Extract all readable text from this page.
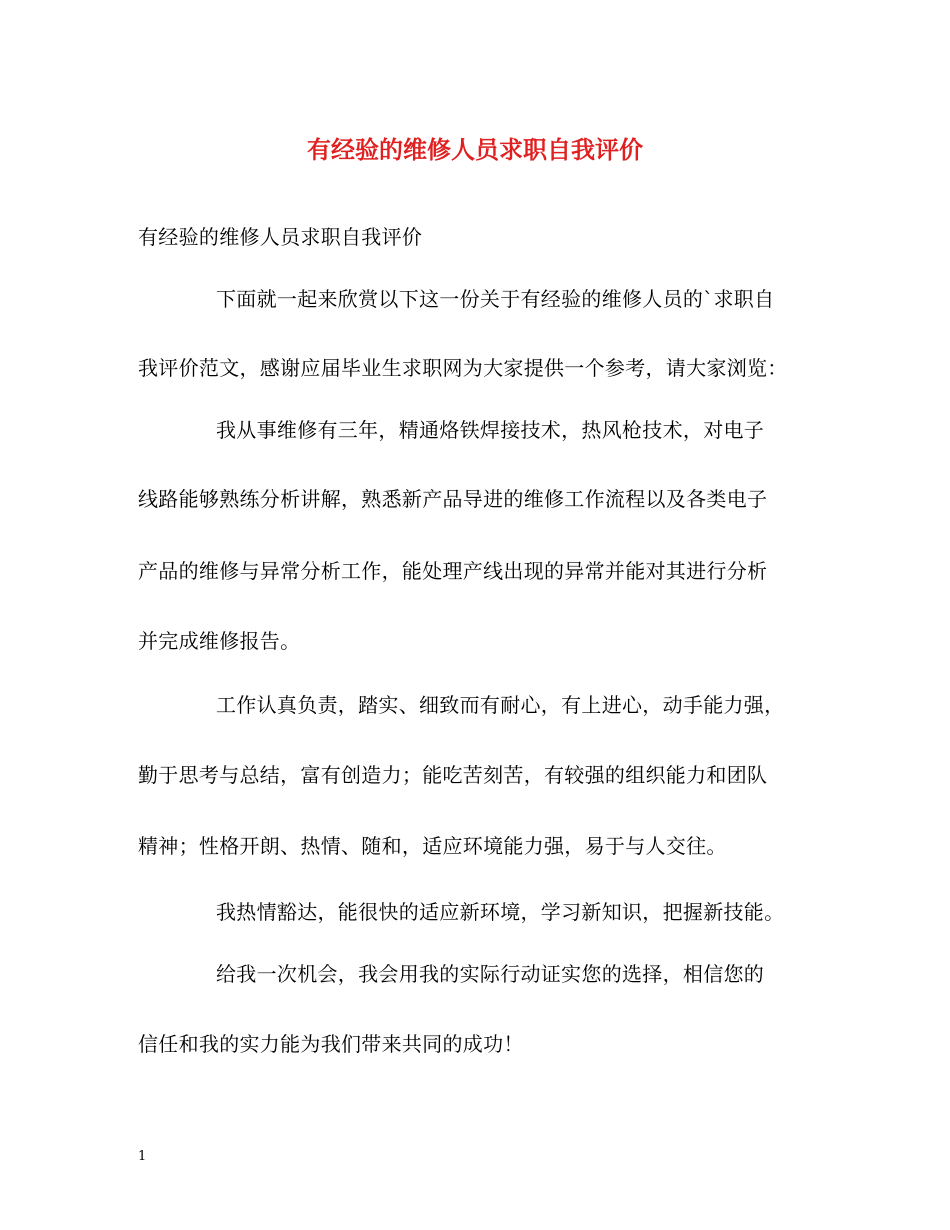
有经验的维修人员求职自我评价
有经验的维修人员求职自我评价
下面就一起来欣赏以下这一份关于有经验的维修人员的`求职自
我评价范文，感谢应届毕业生求职网为大家提供一个参考，请大家浏览：
我从事维修有三年，精通烙铁焊接技术，热风枪技术，对电子
线路能够熟练分析讲解，熟悉新产品导进的维修工作流程以及各类电子
产品的维修与异常分析工作，能处理产线出现的异常并能对其进行分析
并完成维修报告。
工作认真负责，踏实、细致而有耐心，有上进心，动手能力强，
勤于思考与总结，富有创造力；能吃苦刻苦，有较强的组织能力和团队
精神；性格开朗、热情、随和，适应环境能力强，易于与人交往。
我热情豁达，能很快的适应新环境，学习新知识，把握新技能。
给我一次机会，我会用我的实际行动证实您的选择，相信您的
信任和我的实力能为我们带来共同的成功！
1
